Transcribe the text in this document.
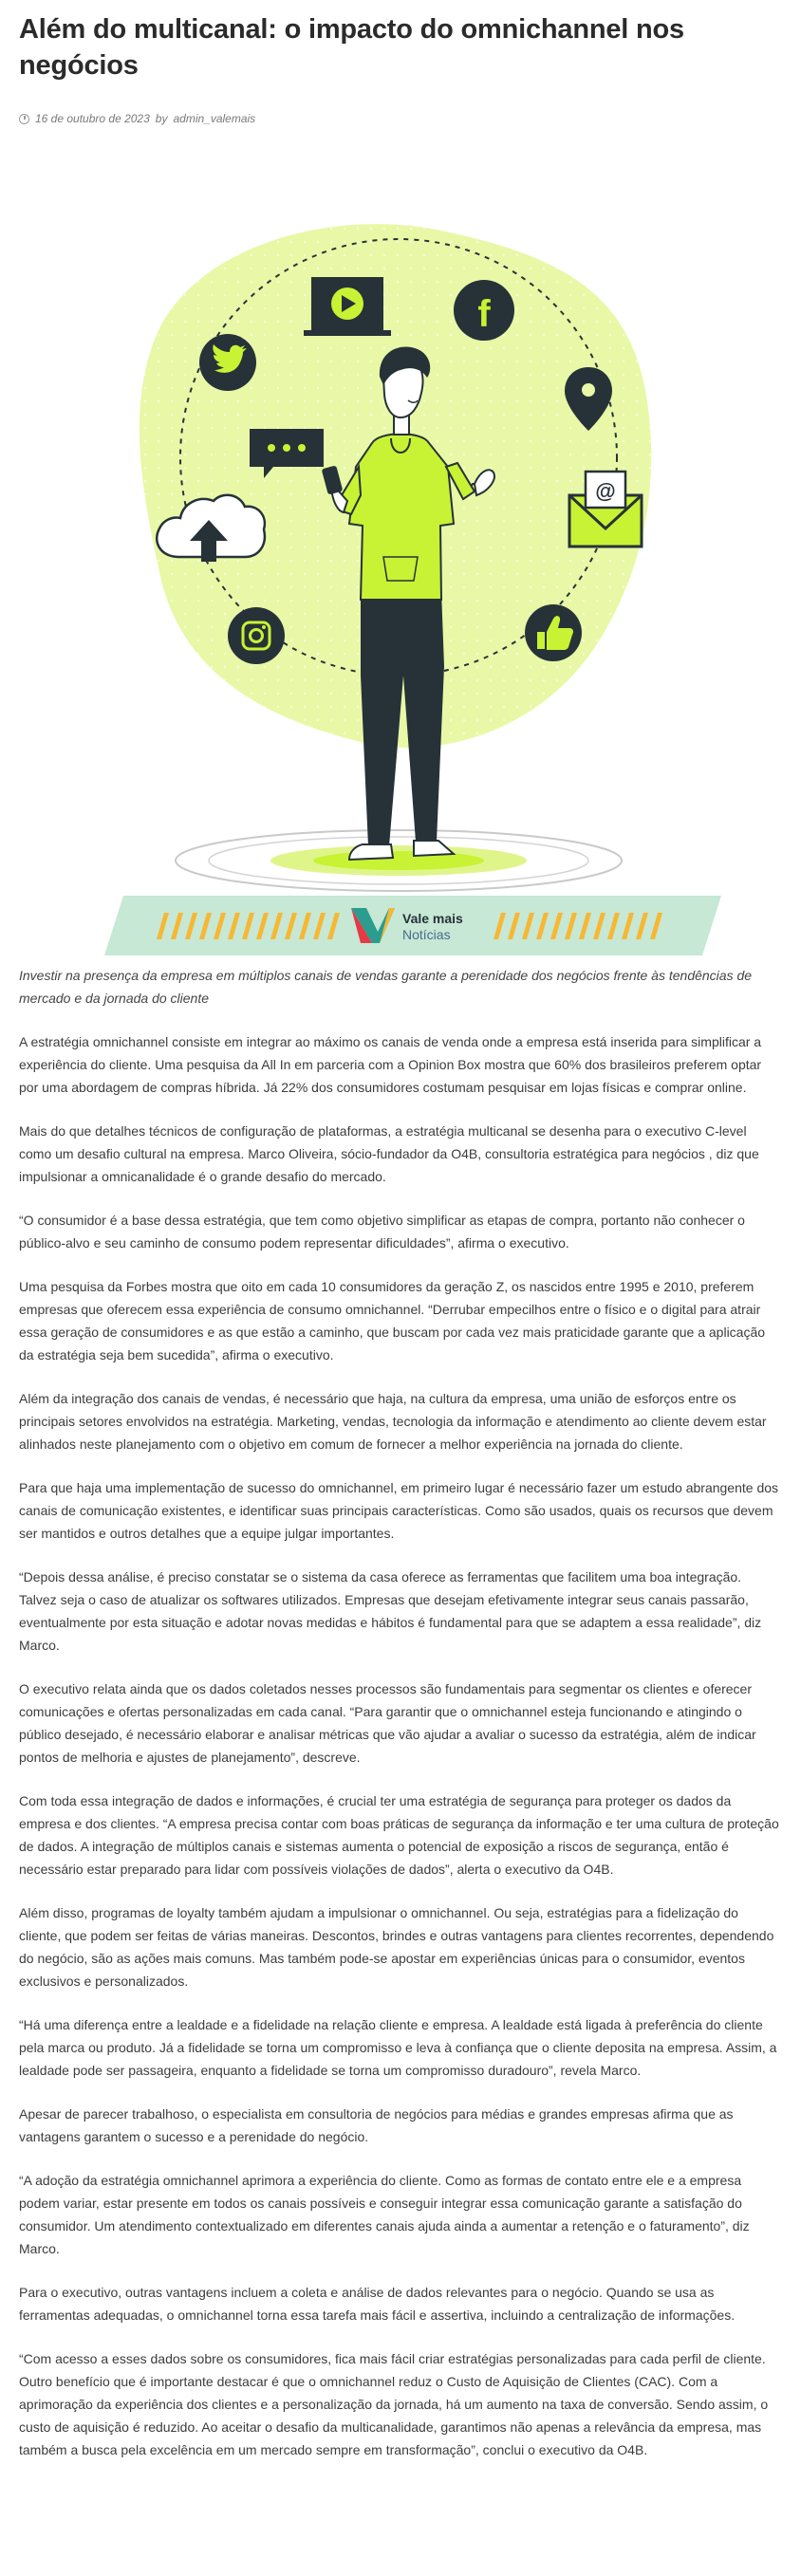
Além do multicanal: o impacto do omnichannel nos negócios
16 de outubro de 2023 by admin_valemais
f
@
Vale mais
Notícias

Investir na presença da empresa em múltiplos canais de vendas garante a perenidade dos negócios frente às tendências de mercado e da jornada do cliente

A estratégia omnichannel consiste em integrar ao máximo os canais de venda onde a empresa está inserida para simplificar a experiência do cliente. Uma pesquisa da All In em parceria com a Opinion Box mostra que 60% dos brasileiros preferem optar por uma abordagem de compras híbrida. Já 22% dos consumidores costumam pesquisar em lojas físicas e comprar online.

Mais do que detalhes técnicos de configuração de plataformas, a estratégia multicanal se desenha para o executivo C-level como um desafio cultural na empresa. Marco Oliveira, sócio-fundador da O4B, consultoria estratégica para negócios , diz que impulsionar a omnicanalidade é o grande desafio do mercado.

“O consumidor é a base dessa estratégia, que tem como objetivo simplificar as etapas de compra, portanto não conhecer o público-alvo e seu caminho de consumo podem representar dificuldades”, afirma o executivo.

Uma pesquisa da Forbes mostra que oito em cada 10 consumidores da geração Z, os nascidos entre 1995 e 2010, preferem empresas que oferecem essa experiência de consumo omnichannel. “Derrubar empecilhos entre o físico e o digital para atrair essa geração de consumidores e as que estão a caminho, que buscam por cada vez mais praticidade garante que a aplicação da estratégia seja bem sucedida”, afirma o executivo.

Além da integração dos canais de vendas, é necessário que haja, na cultura da empresa, uma união de esforços entre os principais setores envolvidos na estratégia. Marketing, vendas, tecnologia da informação e atendimento ao cliente devem estar alinhados neste planejamento com o objetivo em comum de fornecer a melhor experiência na jornada do cliente.

Para que haja uma implementação de sucesso do omnichannel, em primeiro lugar é necessário fazer um estudo abrangente dos canais de comunicação existentes, e identificar suas principais características. Como são usados, quais os recursos que devem ser mantidos e outros detalhes que a equipe julgar importantes.

“Depois dessa análise, é preciso constatar se o sistema da casa oferece as ferramentas que facilitem uma boa integração. Talvez seja o caso de atualizar os softwares utilizados. Empresas que desejam efetivamente integrar seus canais passarão, eventualmente por esta situação e adotar novas medidas e hábitos é fundamental para que se adaptem a essa realidade”, diz Marco.

O executivo relata ainda que os dados coletados nesses processos são fundamentais para segmentar os clientes e oferecer comunicações e ofertas personalizadas em cada canal. “Para garantir que o omnichannel esteja funcionando e atingindo o público desejado, é necessário elaborar e analisar métricas que vão ajudar a avaliar o sucesso da estratégia, além de indicar pontos de melhoria e ajustes de planejamento”, descreve.

Com toda essa integração de dados e informações, é crucial ter uma estratégia de segurança para proteger os dados da empresa e dos clientes. “A empresa precisa contar com boas práticas de segurança da informação e ter uma cultura de proteção de dados. A integração de múltiplos canais e sistemas aumenta o potencial de exposição a riscos de segurança, então é necessário estar preparado para lidar com possíveis violações de dados”, alerta o executivo da O4B.

Além disso, programas de loyalty também ajudam a impulsionar o omnichannel. Ou seja, estratégias para a fidelização do cliente, que podem ser feitas de várias maneiras. Descontos, brindes e outras vantagens para clientes recorrentes, dependendo do negócio, são as ações mais comuns. Mas também pode-se apostar em experiências únicas para o consumidor, eventos exclusivos e personalizados.

“Há uma diferença entre a lealdade e a fidelidade na relação cliente e empresa. A lealdade está ligada à preferência do cliente pela marca ou produto. Já a fidelidade se torna um compromisso e leva à confiança que o cliente deposita na empresa. Assim, a lealdade pode ser passageira, enquanto a fidelidade se torna um compromisso duradouro”, revela Marco.

Apesar de parecer trabalhoso, o especialista em consultoria de negócios para médias e grandes empresas afirma que as vantagens garantem o sucesso e a perenidade do negócio.

“A adoção da estratégia omnichannel aprimora a experiência do cliente. Como as formas de contato entre ele e a empresa podem variar, estar presente em todos os canais possíveis e conseguir integrar essa comunicação garante a satisfação do consumidor. Um atendimento contextualizado em diferentes canais ajuda ainda a aumentar a retenção e o faturamento”, diz Marco.

Para o executivo, outras vantagens incluem a coleta e análise de dados relevantes para o negócio. Quando se usa as ferramentas adequadas, o omnichannel torna essa tarefa mais fácil e assertiva, incluindo a centralização de informações.

“Com acesso a esses dados sobre os consumidores, fica mais fácil criar estratégias personalizadas para cada perfil de cliente. Outro benefício que é importante destacar é que o omnichannel reduz o Custo de Aquisição de Clientes (CAC). Com a aprimoração da experiência dos clientes e a personalização da jornada, há um aumento na taxa de conversão. Sendo assim, o custo de aquisição é reduzido. Ao aceitar o desafio da multicanalidade, garantimos não apenas a relevância da empresa, mas também a busca pela excelência em um mercado sempre em transformação”, conclui o executivo da O4B.
